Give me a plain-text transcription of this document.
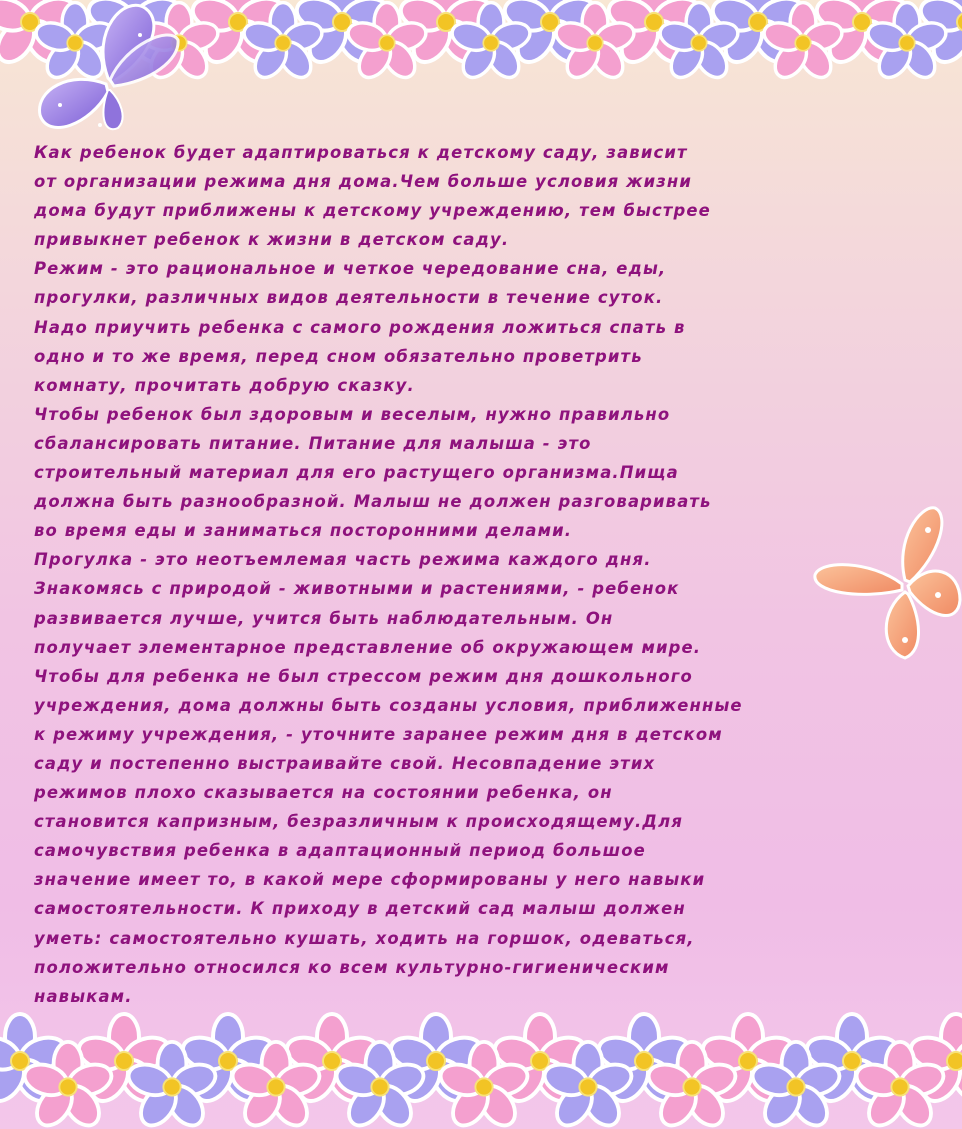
Как ребенок будет адаптироваться к детскому саду, зависит
от организации режима дня дома.Чем больше условия жизни
дома будут приближены к детскому учреждению, тем быстрее
привыкнет ребенок к жизни в детском саду.
Режим - это рациональное и четкое чередование сна, еды,
прогулки, различных видов деятельности в течение суток.
Надо приучить ребенка с самого рождения ложиться спать в
одно и то же время, перед сном обязательно проветрить
комнату, прочитать добрую сказку.
Чтобы ребенок был здоровым и веселым, нужно правильно
сбалансировать питание. Питание для малыша - это
строительный материал для его растущего организма.Пища
должна быть разнообразной. Малыш не должен разговаривать
во время еды и заниматься посторонними делами.
Прогулка - это неотъемлемая часть режима каждого дня.
Знакомясь с природой - животными и растениями, - ребенок
развивается лучше, учится быть наблюдательным. Он
получает элементарное представление об окружающем мире.
Чтобы для ребенка не был стрессом режим дня дошкольного
учреждения, дома должны быть созданы условия, приближенные
к режиму учреждения, - уточните заранее режим дня в детском
саду и постепенно выстраивайте свой. Несовпадение этих
режимов плохо сказывается на состоянии ребенка, он
становится капризным, безразличным к происходящему.Для
самочувствия ребенка в адаптационный период большое
значение имеет то, в какой мере сформированы у него навыки
самостоятельности. К приходу в детский сад малыш должен
уметь: самостоятельно кушать, ходить на горшок, одеваться,
положительно относился ко всем культурно-гигиеническим
навыкам.
